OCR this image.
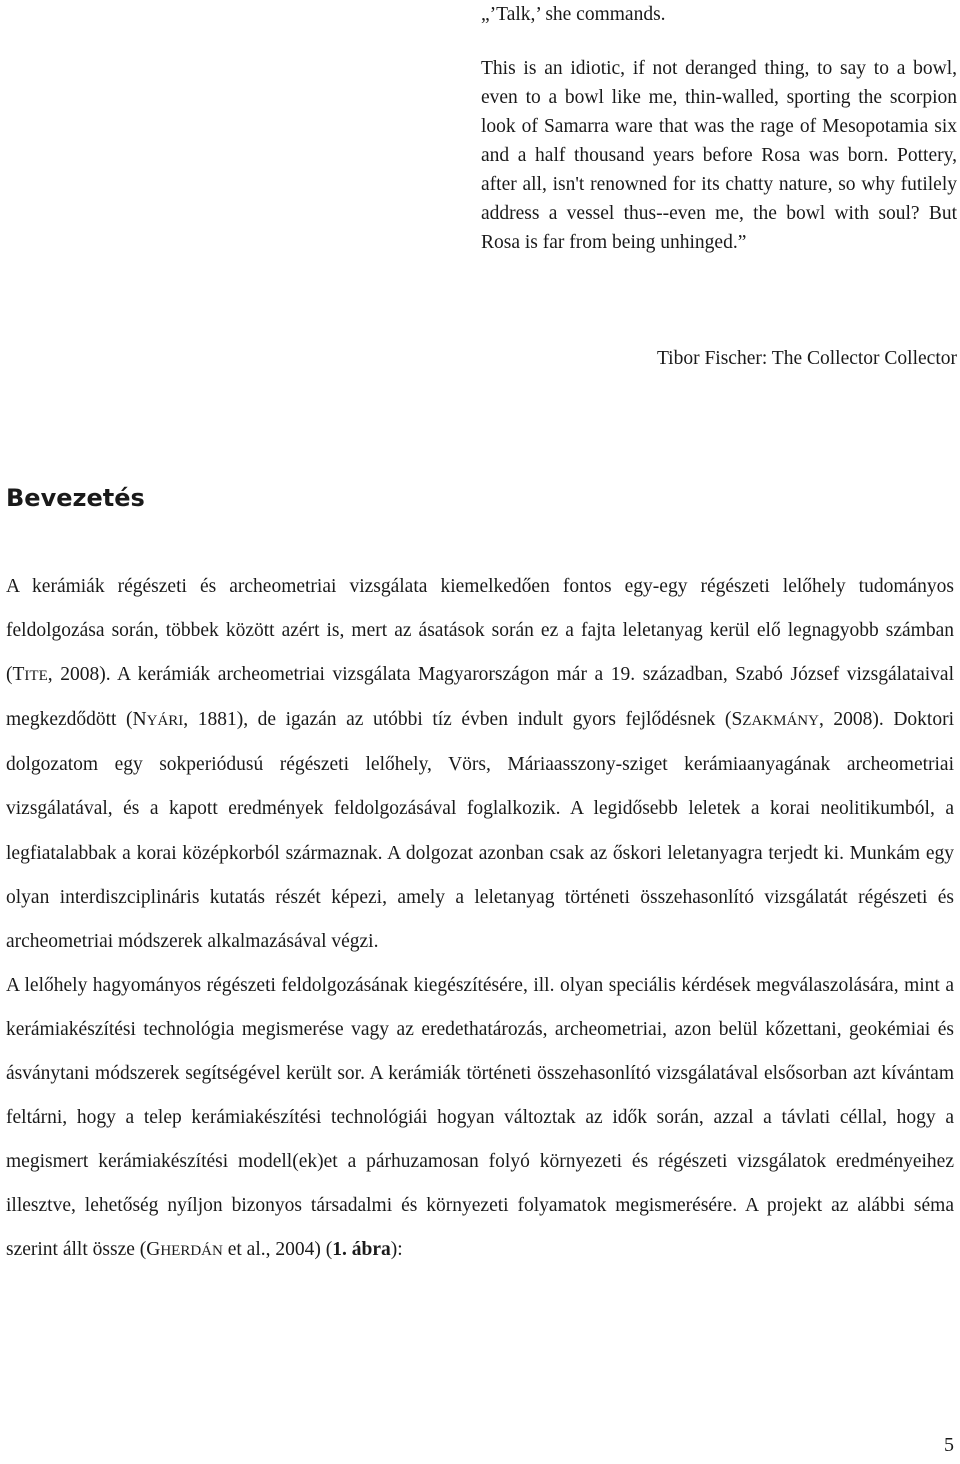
„’Talk,’ she commands.

This is an idiotic, if not deranged thing, to say to a bowl, even to a bowl like me, thin-walled, sporting the scorpion look of Samarra ware that was the rage of Mesopotamia six and a half thousand years before Rosa was born. Pottery, after all, isn't renowned for its chatty nature, so why futilely address a vessel thus--even me, the bowl with soul? But Rosa is far from being unhinged.”

Tibor Fischer: The Collector Collector
Bevezetés

A kerámiák régészeti és archeometriai vizsgálata kiemelkedően fontos egy-egy régészeti lelőhely tudományos feldolgozása során, többek között azért is, mert az ásatások során ez a fajta leletanyag kerül elő legnagyobb számban (TITE, 2008). A kerámiák archeometriai vizsgálata Magyarországon már a 19. században, Szabó József vizsgálataival megkezdődött (NYÁRI, 1881), de igazán az utóbbi tíz évben indult gyors fejlődésnek (SZAKMÁNY, 2008). Doktori dolgozatom egy sokperiódusú régészeti lelőhely, Vörs, Máriaasszony-sziget kerámiaanyagának archeometriai vizsgálatával, és a kapott eredmények feldolgozásával foglalkozik. A legidősebb leletek a korai neolitikumból, a legfiatalabbak a korai középkorból származnak. A dolgozat azonban csak az őskori leletanyagra terjedt ki. Munkám egy olyan interdiszciplináris kutatás részét képezi, amely a leletanyag történeti összehasonlító vizsgálatát régészeti és archeometriai módszerek alkalmazásával végzi.

A lelőhely hagyományos régészeti feldolgozásának kiegészítésére, ill. olyan speciális kérdések megválaszolására, mint a kerámiakészítési technológia megismerése vagy az eredethatározás, archeometriai, azon belül kőzettani, geokémiai és ásványtani módszerek segítségével került sor. A kerámiák történeti összehasonlító vizsgálatával elsősorban azt kívántam feltárni, hogy a telep kerámiakészítési technológiái hogyan változtak az idők során, azzal a távlati céllal, hogy a megismert kerámiakészítési modell(ek)et a párhuzamosan folyó környezeti és régészeti vizsgálatok eredményeihez illesztve, lehetőség nyíljon bizonyos társadalmi és környezeti folyamatok megismerésére. A projekt az alábbi séma szerint állt össze (GHERDÁN et al., 2004) (1. ábra):

5
